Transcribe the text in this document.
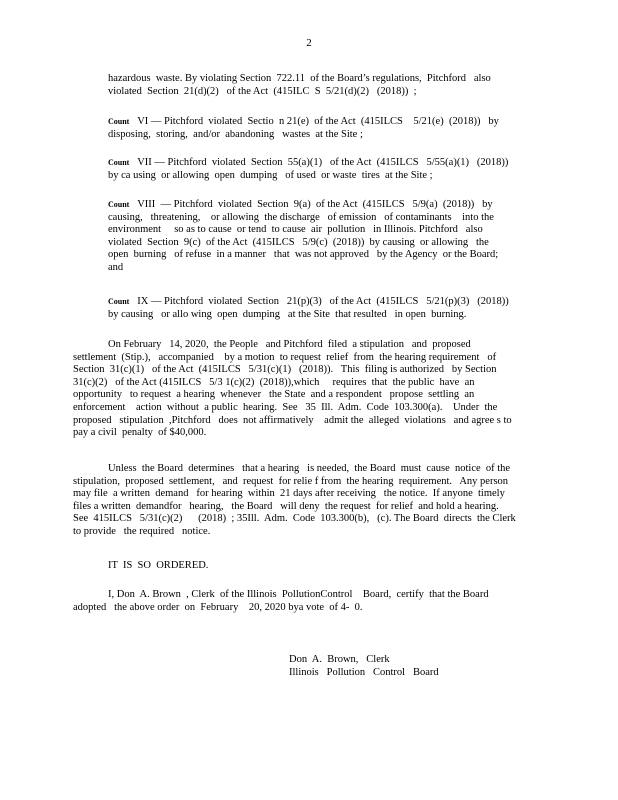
2
hazardous  waste. By violating Section  722.11  of the Board’s regulations,  Pitchford   also
violated  Section  21(d)(2)   of the Act  (415ILC  S  5/21(d)(2)   (2018))  ;
Count VI — Pitchford  violated  Sectio  n 21(e)  of the Act  (415ILCS    5/21(e)  (2018))   by
disposing,  storing,  and/or  abandoning   wastes  at the Site ;
Count VII — Pitchford  violated  Section  55(a)(1)   of the Act  (415ILCS   5/55(a)(1)   (2018))
by ca using  or allowing  open  dumping   of used  or waste  tires  at the Site ;
Count VIII  — Pitchford  violated  Section  9(a)  of the Act  (415ILCS   5/9(a)  (2018))   by
causing,   threatening,    or allowing  the discharge   of emission   of contaminants    into the
environment     so as to cause  or tend  to cause  air  pollution   in Illinois. Pitchford   also
violated  Section  9(c)  of the Act  (415ILCS   5/9(c)  (2018))  by causing  or allowing   the
open  burning   of refuse  in a manner   that  was not approved   by the Agency  or the Board;
and
Count IX — Pitchford  violated  Section   21(p)(3)   of the Act  (415ILCS   5/21(p)(3)   (2018))
by causing   or allo wing  open  dumping   at the Site  that resulted   in open  burning.
On February   14, 2020,  the People   and Pitchford  filed  a stipulation   and  proposed
settlement  (Stip.),   accompanied    by a motion  to request  relief  from  the hearing requirement   of
Section  31(c)(1)   of the Act  (415ILCS   5/31(c)(1)   (2018)).   This  filing is authorized   by Section
31(c)(2)   of the Act (415ILCS   5/3 1(c)(2)  (2018)),which     requires  that  the public  have  an
opportunity   to request  a hearing  whenever   the State  and a respondent   propose  settling  an
enforcement    action  without  a public  hearing.  See   35  Ill.  Adm.  Code  103.300(a).    Under  the
proposed   stipulation  ,Pitchford   does  not affirmatively    admit the  alleged  violations   and agree s to
pay a civil  penalty  of $40,000.
Unless  the Board  determines   that a hearing   is needed,  the Board  must  cause  notice  of the
stipulation,  proposed  settlement,   and  request  for relie f from  the hearing  requirement.   Any person
may file  a written  demand   for hearing  within  21 days after receiving   the notice.  If anyone  timely
files a written  demandfor   hearing,   the Board   will deny  the request  for relief  and hold a hearing.
See  415ILCS   5/31(c)(2)      (2018)  ; 35Ill.  Adm.  Code  103.300(b),   (c). The Board  directs  the Clerk
to provide   the required   notice.
IT  IS  SO  ORDERED.
I, Don  A. Brown  , Clerk  of the Illinois  PollutionControl    Board,  certify  that the Board
adopted   the above order  on  February    20, 2020 bya vote  of 4-  0.
Don  A.  Brown,   Clerk
Illinois   Pollution   Control   Board
